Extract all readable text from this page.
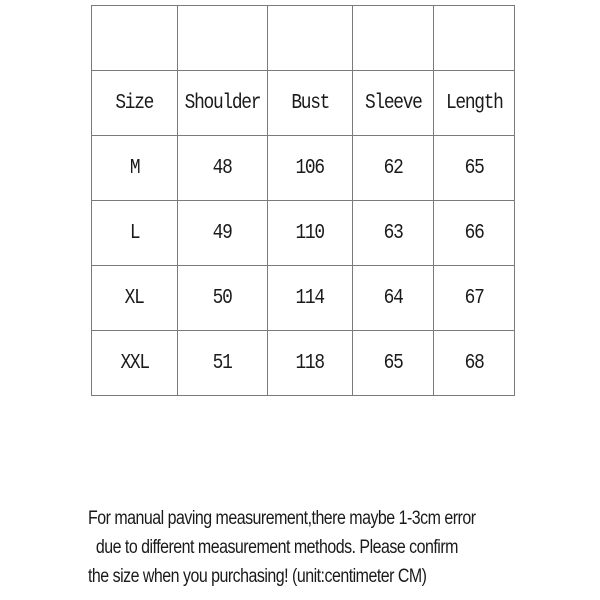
Size	Shoulder	Bust	Sleeve	Length
M	48	106	62	65
L	49	110	63	66
XL	50	114	64	67
XXL	51	118	65	68
For manual paving measurement,there maybe 1-3cm error
due to different measurement methods. Please confirm
the size when you purchasing! (unit:centimeter CM)
